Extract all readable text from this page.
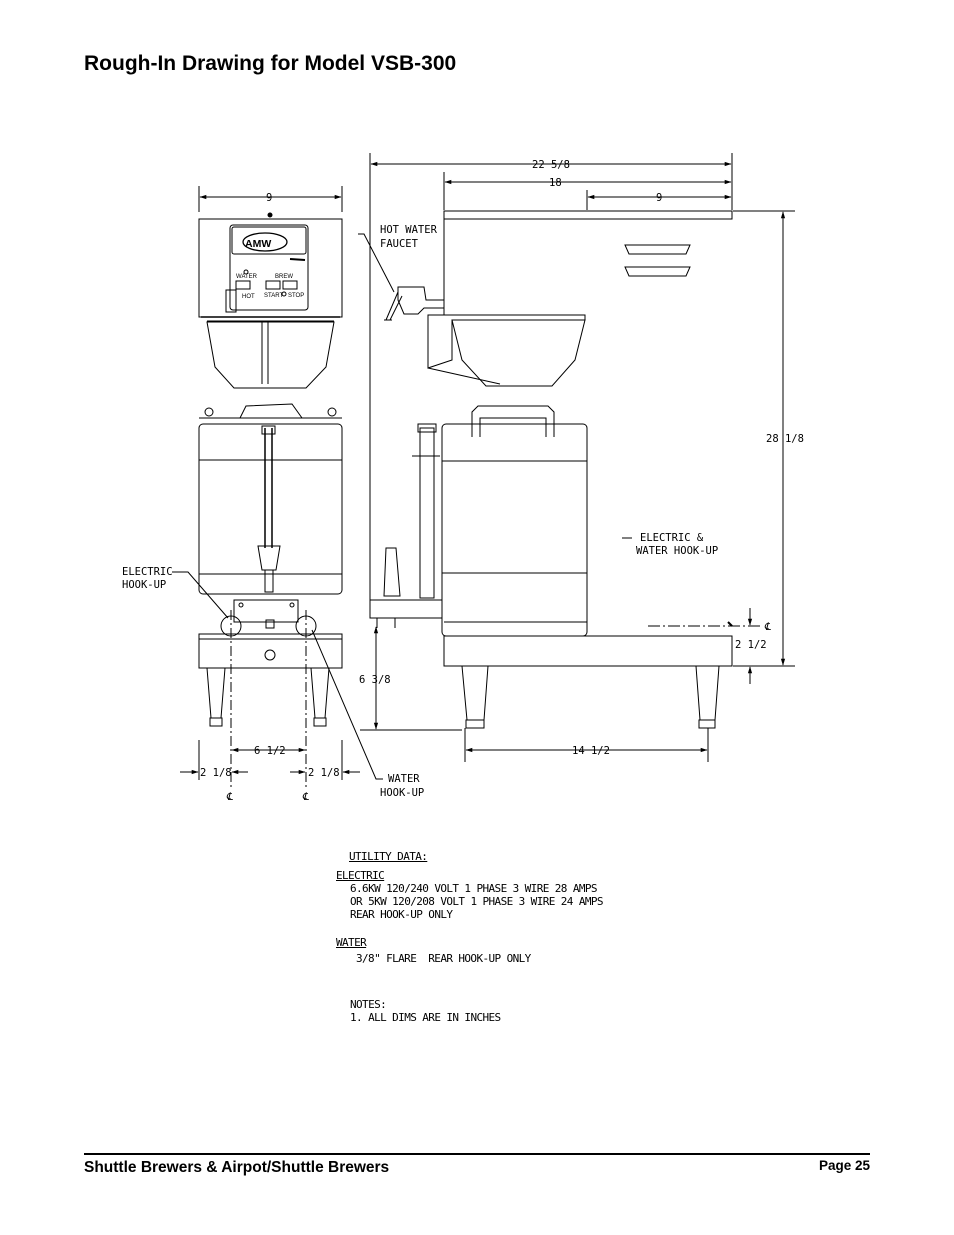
Rough-In Drawing for Model VSB-300
AMW
WATER	BREW
HOT START STOP
9
6 1/2
2 1/8	2 1/8
℄	℄
ELECTRIC
HOOK-UP
WATER
HOOK-UP
22 5/8
18
9
28 1/8
HOT WATER
FAUCET
ELECTRIC &
WATER HOOK-UP
℄
2 1/2
6 3/8
14 1/2
UTILITY DATA:
ELECTRIC
6.6KW 120/240 VOLT 1 PHASE 3 WIRE 28 AMPS
OR 5KW 120/208 VOLT 1 PHASE 3 WIRE 24 AMPS
REAR HOOK-UP ONLY
WATER
3/8" FLARE  REAR HOOK-UP ONLY
NOTES:
1. ALL DIMS ARE IN INCHES
Shuttle Brewers & Airpot/Shuttle Brewers	Page 25
